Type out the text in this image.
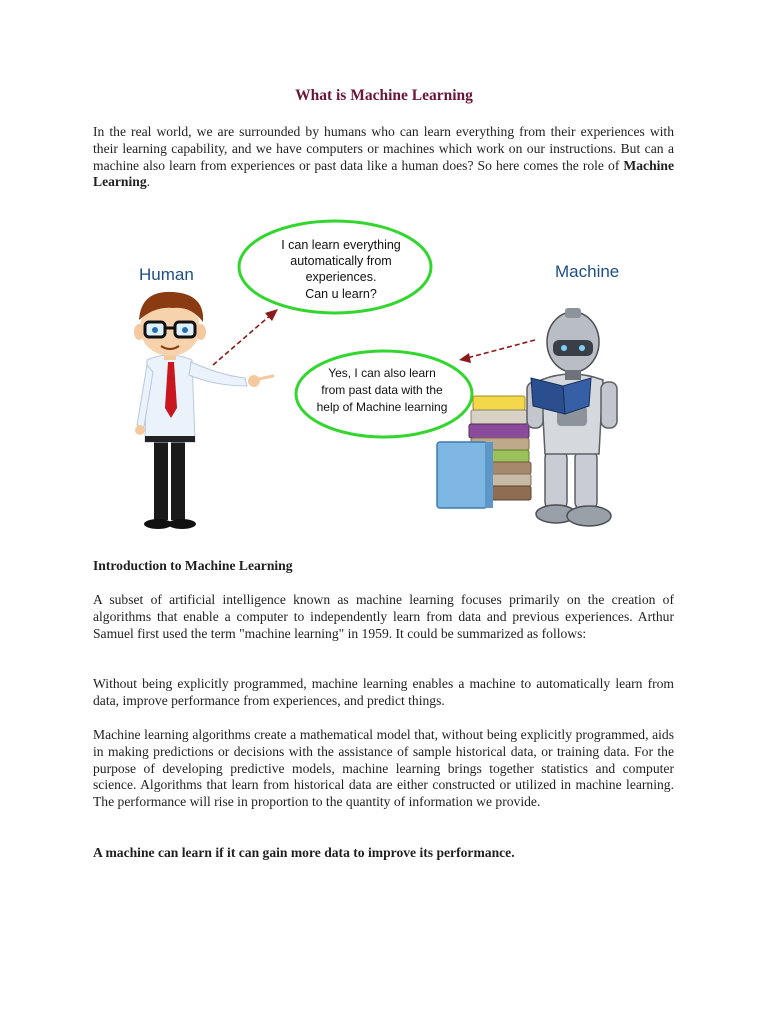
What is Machine Learning

In the real world, we are surrounded by humans who can learn everything from their experiences with their learning capability, and we have computers or machines which work on our instructions. But can a machine also learn from experiences or past data like a human does? So here comes the role of Machine Learning.

Human	Machine
I can learn everything
automatically from
experiences.
Can u learn?
Yes, I can also learn
from past data with the
help of Machine learning
Introduction to Machine Learning

A subset of artificial intelligence known as machine learning focuses primarily on the creation of algorithms that enable a computer to independently learn from data and previous experiences. Arthur Samuel first used the term "machine learning" in 1959. It could be summarized as follows:

Without being explicitly programmed, machine learning enables a machine to automatically learn from data, improve performance from experiences, and predict things.

Machine learning algorithms create a mathematical model that, without being explicitly programmed, aids in making predictions or decisions with the assistance of sample historical data, or training data. For the purpose of developing predictive models, machine learning brings together statistics and computer science. Algorithms that learn from historical data are either constructed or utilized in machine learning. The performance will rise in proportion to the quantity of information we provide.

A machine can learn if it can gain more data to improve its performance.
